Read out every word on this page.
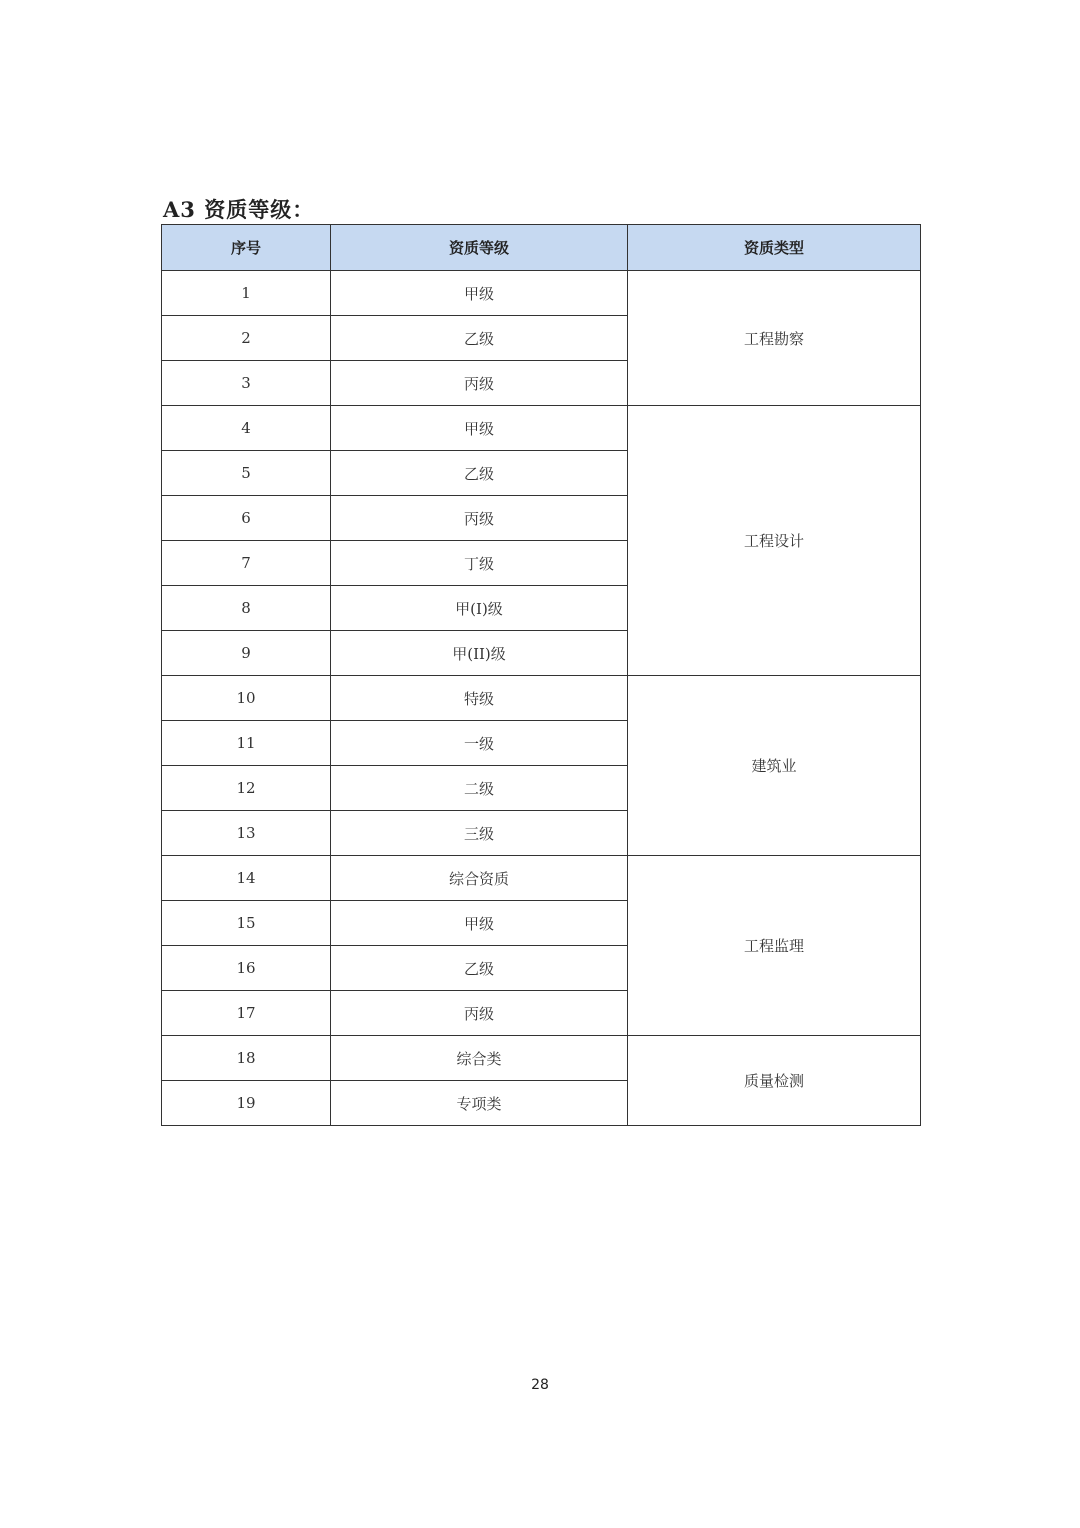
A3 资质等级：
序号	资质等级	资质类型
1	甲级	工程勘察
2	乙级	
3	丙级	
4	甲级	工程设计
5	乙级	
6	丙级	
7	丁级	
8	甲(I)级	
9	甲(II)级	
10	特级	建筑业
11	一级	
12	二级	
13	三级	
14	综合资质	工程监理
15	甲级	
16	乙级	
17	丙级	
18	综合类	质量检测
19	专项类	
28
